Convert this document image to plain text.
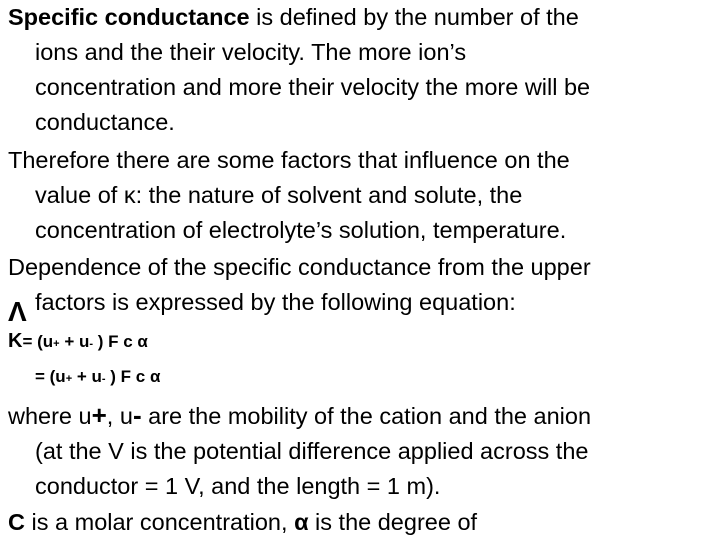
Specific conductance is defined by the number of the
ions and the their velocity. The more ion’s
concentration and more their velocity the more will be
conductance.
Therefore there are some factors that influence on the
value of κ: the nature of solvent and solute, the
concentration of electrolyte’s solution, temperature.
Dependence of the specific conductance from the upper
factors is expressed by the following equation:
Λ
K= (u+ + u- ) F c α
= (u+ + u- ) F c α
where u+, u- are the mobility of the cation and the anion
(at the V is the potential difference applied across the
conductor = 1 V, and the length = 1 m).
C is a molar concentration, α is the degree of
